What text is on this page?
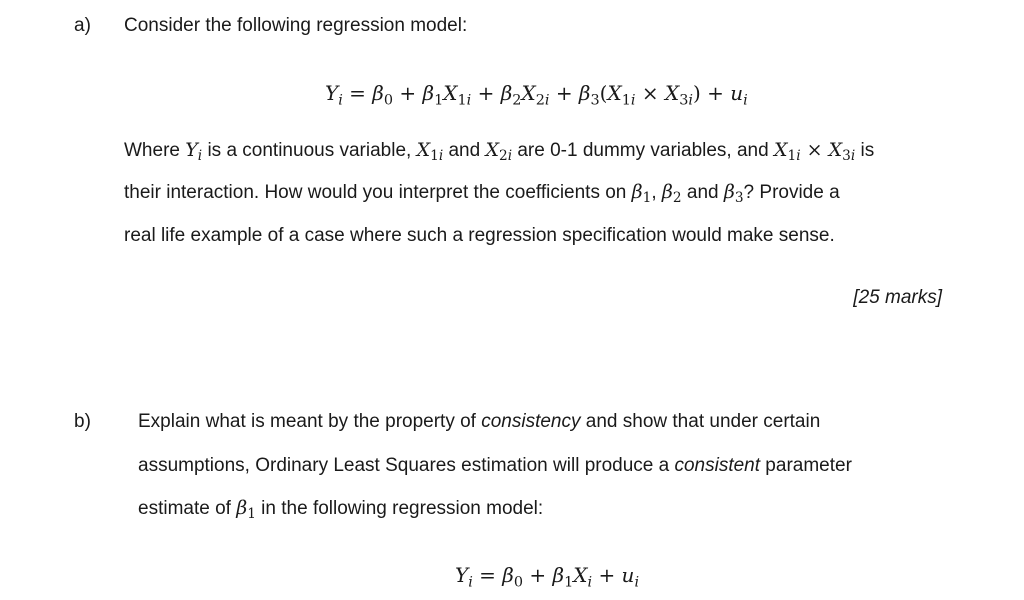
a) Consider the following regression model:
$Y_i = \beta_0 + \beta_1X_{1i} + \beta_2X_{2i} + \beta_3(X_{1i} \times X_{3i}) + u_i$
Where $Y_i$ is a continuous variable, $X_{1i}$ and $X_{2i}$ are 0-1 dummy variables, and $X_{1i} \times X_{3i}$ is
their interaction. How would you interpret the coefficients on $\beta_1$, $\beta_2$ and $\beta_3$? Provide a
real life example of a case where such a regression specification would make sense.
[25 marks]
b) Explain what is meant by the property of consistency and show that under certain
assumptions, Ordinary Least Squares estimation will produce a consistent parameter
estimate of $\beta_1$ in the following regression model:
$Y_i = \beta_0 + \beta_1X_i + u_i$
